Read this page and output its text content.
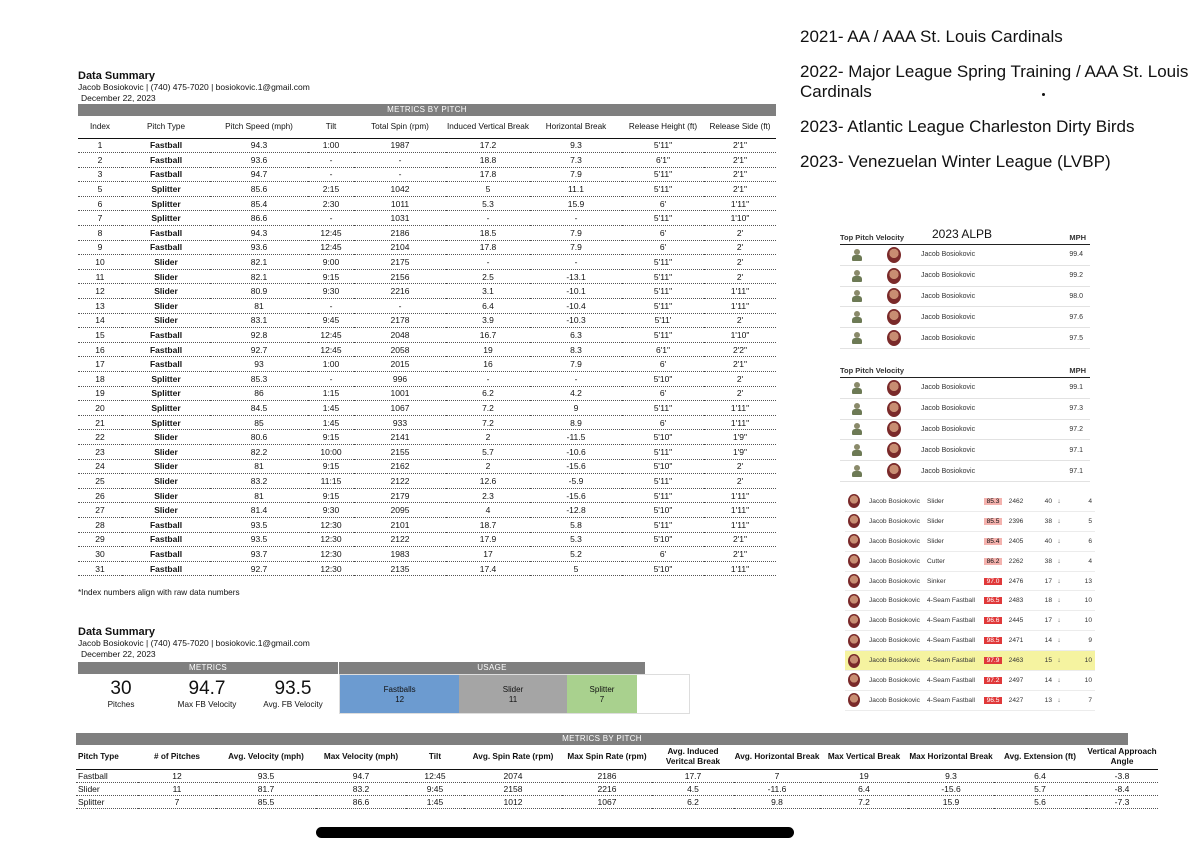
Data Summary
Jacob Bosiokovic | (740) 475-7020 | bosiokovic.1@gmail.com
December 22, 2023
METRICS BY PITCH
Index	Pitch Type	Pitch Speed (mph)	Tilt	Total Spin (rpm)	Induced Vertical Break	Horizontal Break	Release Height (ft)	Release Side (ft)
1	Fastball	94.3	1:00	1987	17.2	9.3	5'11"	2'1"
2	Fastball	93.6	-	-	18.8	7.3	6'1"	2'1"
3	Fastball	94.7	-	-	17.8	7.9	5'11"	2'1"
5	Splitter	85.6	2:15	1042	5	11.1	5'11"	2'1"
6	Splitter	85.4	2:30	1011	5.3	15.9	6'	1'11"
7	Splitter	86.6	-	1031	-	-	5'11"	1'10"
8	Fastball	94.3	12:45	2186	18.5	7.9	6'	2'
9	Fastball	93.6	12:45	2104	17.8	7.9	6'	2'
10	Slider	82.1	9:00	2175	-	-	5'11"	2'
11	Slider	82.1	9:15	2156	2.5	-13.1	5'11"	2'
12	Slider	80.9	9:30	2216	3.1	-10.1	5'11"	1'11"
13	Slider	81	-	-	6.4	-10.4	5'11"	1'11"
14	Slider	83.1	9:45	2178	3.9	-10.3	5'11'	2'
15	Fastball	92.8	12:45	2048	16.7	6.3	5'11"	1'10"
16	Fastball	92.7	12:45	2058	19	8.3	6'1"	2'2"
17	Fastball	93	1:00	2015	16	7.9	6'	2'1"
18	Splitter	85.3	-	996	-	-	5'10"	2'
19	Splitter	86	1:15	1001	6.2	4.2	6'	2'
20	Splitter	84.5	1:45	1067	7.2	9	5'11"	1'11"
21	Splitter	85	1:45	933	7.2	8.9	6'	1'11"
22	Slider	80.6	9:15	2141	2	-11.5	5'10"	1'9"
23	Slider	82.2	10:00	2155	5.7	-10.6	5'11"	1'9"
24	Slider	81	9:15	2162	2	-15.6	5'10"	2'
25	Slider	83.2	11:15	2122	12.6	-5.9	5'11"	2'
26	Slider	81	9:15	2179	2.3	-15.6	5'11"	1'11"
27	Slider	81.4	9:30	2095	4	-12.8	5'10"	1'11"
28	Fastball	93.5	12:30	2101	18.7	5.8	5'11"	1'11"
29	Fastball	93.5	12:30	2122	17.9	5.3	5'10"	2'1"
30	Fastball	93.7	12:30	1983	17	5.2	6'	2'1"
31	Fastball	92.7	12:30	2135	17.4	5	5'10"	1'11"
*Index numbers align with raw data numbers
Data Summary
Jacob Bosiokovic | (740) 475-7020 | bosiokovic.1@gmail.com
December 22, 2023
METRICS
30
Pitches
94.7
Max FB Velocity
93.5
Avg. FB Velocity
USAGE
Fastballs
12
Slider
11
Splitter
7
METRICS BY PITCH
Pitch Type	# of Pitches	Avg. Velocity (mph)	Max Velocity (mph)	Tilt	Avg. Spin Rate (rpm)	Max Spin Rate (rpm)	Avg. Induced Veritcal Break	Avg. Horizontal Break	Max Vertical Break	Max Horizontal Break	Avg. Extension (ft)	Vertical Approach Angle
Fastball	12	93.5	94.7	12:45	2074	2186	17.7	7	19	9.3	6.4	-3.8
Slider	11	81.7	83.2	9:45	2158	2216	4.5	-11.6	6.4	-15.6	5.7	-8.4
Splitter	7	85.5	86.6	1:45	1012	1067	6.2	9.8	7.2	15.9	5.6	-7.3

2021- AA / AAA St. Louis Cardinals

2022- Major League Spring Training / AAA St. Louis Cardinals

2023- Atlantic League Charleston Dirty Birds

2023- Venezuelan Winter League (LVBP)

Top Pitch Velocity	MPH
2023 ALPB
Jacob Bosiokovic	99.4
Jacob Bosiokovic	99.2
Jacob Bosiokovic	98.0
Jacob Bosiokovic	97.6
Jacob Bosiokovic	97.5
Top Pitch Velocity	MPH
Jacob Bosiokovic	99.1
Jacob Bosiokovic	97.3
Jacob Bosiokovic	97.2
Jacob Bosiokovic	97.1
Jacob Bosiokovic	97.1
Jacob Bosiokovic	Slider	85.3	2462	40 ↓	4
Jacob Bosiokovic	Slider	85.5	2396	38 ↓	5
Jacob Bosiokovic	Slider	85.4	2405	40 ↓	6
Jacob Bosiokovic	Cutter	86.2	2262	38 ↓	4
Jacob Bosiokovic	Sinker	97.0	2476	17 ↓	13
Jacob Bosiokovic	4-Seam Fastball	96.5	2483	18 ↓	10
Jacob Bosiokovic	4-Seam Fastball	96.6	2445	17 ↓	10
Jacob Bosiokovic	4-Seam Fastball	98.5	2471	14 ↓	9
Jacob Bosiokovic	4-Seam Fastball	97.9	2463	15 ↓	10
Jacob Bosiokovic	4-Seam Fastball	97.2	2497	14 ↓	10
Jacob Bosiokovic	4-Seam Fastball	96.5	2427	13 ↓	7
